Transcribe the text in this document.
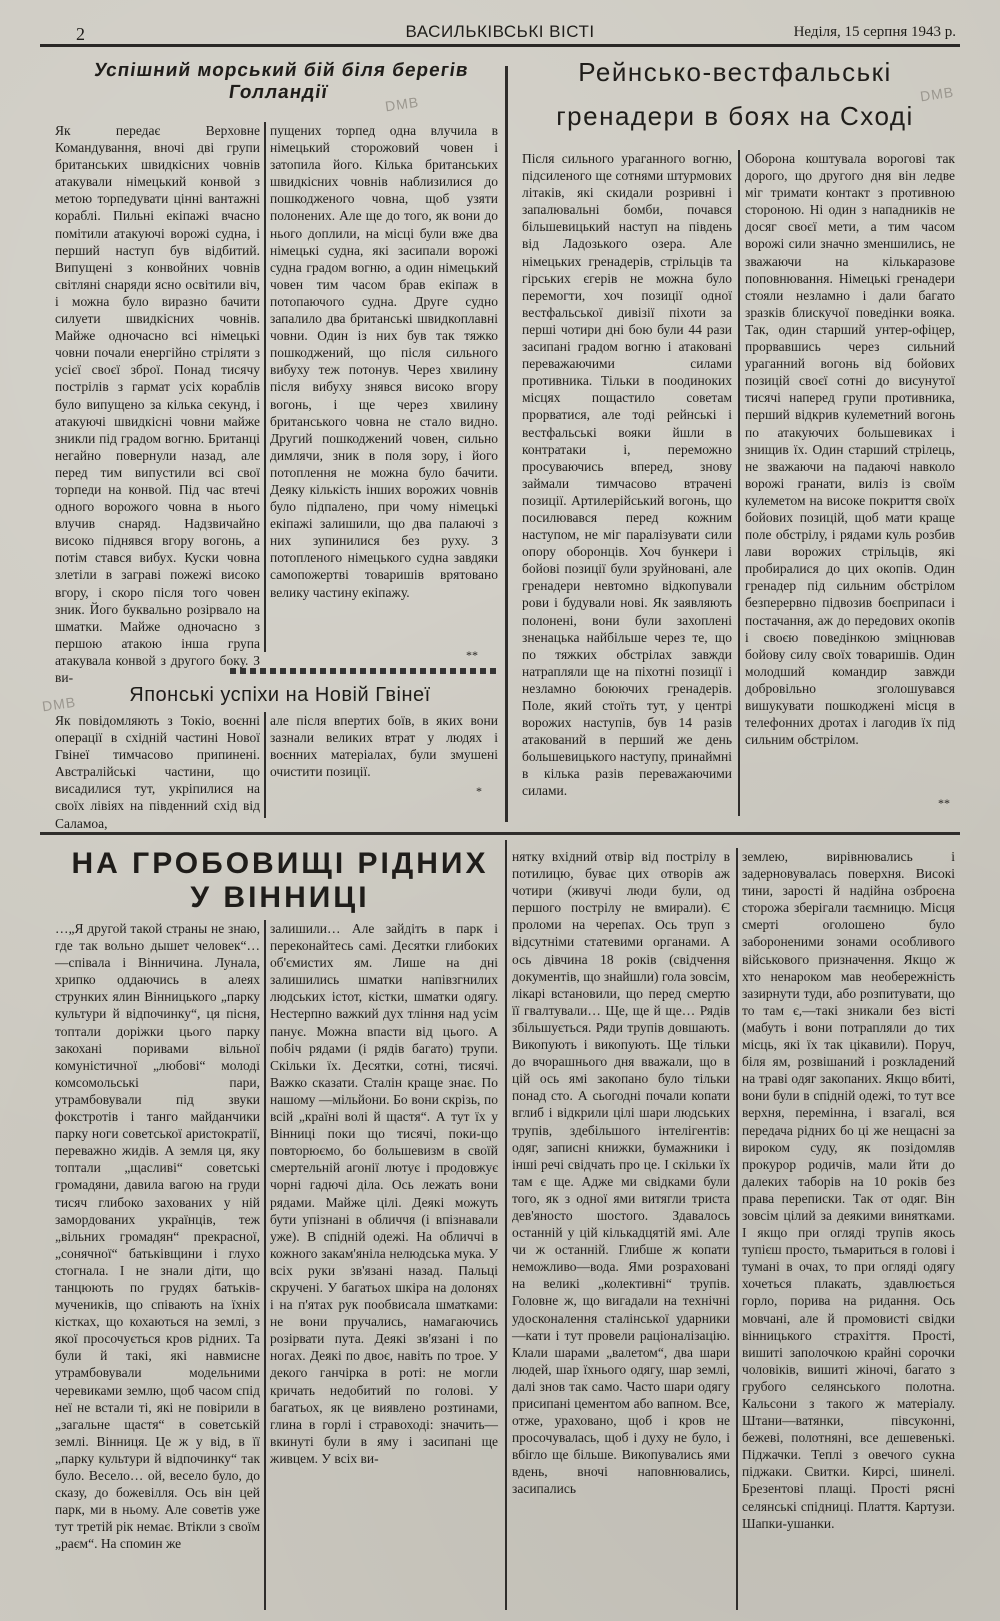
2	ВАСИЛЬКІВСЬКІ ВІСТІ	Неділя, 15 серпня 1943 р.
DMB	DMB
DMB
Успішний морський бій біля берегів Голландії

Як передає Верховне Командування, вночі дві групи британських швидкісних човнів атакували німецький конвой з метою торпедувати цінні вантажні кораблі. Пильні екіпажі вчасно помітили атакуючі ворожі судна, і перший наступ був відбитий. Випущені з конвойних човнів світляні снаряди ясно освітили віч, і можна було виразно бачити силуети швидкісних човнів. Майже одночасно всі німецькі човни почали енергійно стріляти з усієї своєї зброї. Понад тисячу пострілів з гармат усіх кораблів було випущено за кілька секунд, і атакуючі швидкісні човни майже зникли під градом вогню. Британці негайно повернули назад, але перед тим випустили всі свої торпеди на конвой. Під час втечі одного ворожого човна в нього влучив снаряд. Надзвичайно високо піднявся вгору вогонь, а потім стався вибух. Куски човна злетіли в заграві пожежі високо вгору, і скоро після того човен зник. Його буквально розірвало на шматки. Майже одночасно з першою атакою інша група атакувала конвой з другого боку. З ви-

пущених торпед одна влучила в німецький сторожовий човен і затопила його. Кілька британських швидкісних човнів наблизилися до пошкодженого човна, щоб узяти полонених. Але ще до того, як вони до нього доплили, на місці були вже два німецькі судна, які засипали ворожі судна градом вогню, а один німецький човен тим часом брав екіпаж в потопаючого судна. Друге судно запалило два британські швидкоплавні човни. Один із них був так тяжко пошкоджений, що після сильного вибуху теж потонув. Через хвилину після вибуху знявся високо вгору вогонь, і ще через хвилину британського човна не стало видно. Другий пошкоджений човен, сильно димлячи, зник в поля зору, і його потоплення не можна було бачити. Деяку кількість інших ворожих човнів було підпалено, при чому німецькі екіпажі залишили, що два палаючі з них зупинилися без руху. З потопленого німецького судна завдяки самопожертві товаришів врятовано велику частину екіпажу.

**
Японські успіхи на Новій Гвінеї

Як повідомляють з Токіо, воєнні операції в східній частині Нової Гвінеї тимчасово припинені. Австралійські частини, що висадилися тут, укріпилися на своїх лівіях на південний схід від Саламоа,

але після впертих боїв, в яких вони зазнали великих втрат у людях і воєнних матеріалах, були змушені очистити позиції.

*
Рейнсько-вестфальські
гренадери в боях на Сході

Після сильного ураганного вогню, підсиленого ще сотнями штурмових літаків, які скидали розривні і запалювальні бомби, почався більшевицький наступ на південь від Ладозького озера. Але німецьких гренадерів, стрільців та гірських єгерів не можна було перемогти, хоч позиції одної вестфальської дивізії піхоти за перші чотири дні бою були 44 рази засипані градом вогню і атаковані переважаючими силами противника. Тільки в поодиноких місцях пощастило советам прорватися, але тоді рейнські і вестфальські вояки йшли в контратаки і, переможно просуваючись вперед, знову займали тимчасово втрачені позиції. Артилерійський вогонь, що посилювався перед кожним наступом, не міг паралізувати сили опору оборонців. Хоч бункери і бойові позиції були зруйновані, але гренадери невтомно відкопували рови і будували нові. Як заявляють полонені, вони були захоплені зненацька найбільше через те, що по тяжких обстрілах завжди натрапляли ще на піхотні позиції і незламно боюючих гренадерів. Поле, який стоїть тут, у центрі ворожих наступів, був 14 разів атакований в перший же день большевицького наступу, принаймні в кілька разів переважаючими силами.

Оборона коштувала ворогові так дорого, що другого дня він ледве міг тримати контакт з противною стороною. Ні один з нападників не досяг своєї мети, а тим часом ворожі сили значно зменшились, не зважаючи на кількаразове поповнювання. Німецькі гренадери стояли незламно і дали багато зразків блискучої поведінки вояка. Так, один старший унтер-офіцер, прорвавшись через сильний ураганний вогонь від бойових позицій своєї сотні до висунутої тисячі наперед групи противника, перший відкрив кулеметний вогонь по атакуючих большевиках і знищив їх. Один старший стрілець, не зважаючи на падаючі навколо ворожі гранати, виліз із своїм кулеметом на високе покриття своїх бойових позицій, щоб мати краще поле обстрілу, і рядами куль розбив лави ворожих стрільців, які пробиралися до цих окопів. Один гренадер під сильним обстрілом безперервно підвозив боєприпаси і постачання, аж до передових окопів і своєю поведінкою зміцнював бойову силу своїх товаришів. Один молодший командир завжди добровільно зголошувався вишукувати пошкоджені місця в телефонних дротах і лагодив їх під сильним обстрілом.

**
НА ГРОБОВИЩІ РІДНИХ
У ВІННИЦІ

…„Я другой такой страны не знаю, где так вольно дышет человек“…—співала і Вінничина. Лунала, хрипко оддаючись в алеях струнких ялин Вінницького „парку культури й відпочинку“, ця пісня, топтали доріжки цього парку закохані поривами вільної комуністичної „любові“ молоді комсомольські пари, утрамбовували під звуки фокстротів і танго майданчики парку ноги советської аристократії, переважно жидів. А земля ця, яку топтали „щасливі“ советські громадяни, давила вагою на груди тисяч глибоко захованих у ній замордованих українців, теж „вільних громадян“ прекрасної, „сонячної“ батьківщини і глухо стогнала. І не знали діти, що танцюють по грудях батьків-мучеників, що співають на їхніх кістках, що кохаються на землі, з якої просочується кров рідних. Та були й такі, які навмисне утрамбовували модельними черевиками землю, щоб часом спід неї не встали ті, які не повірили в „загальне щастя“ в советській землі. Вінниця. Це ж у від, в її „парку культури й відпочинку“ так було. Весело… ой, весело було, до сказу, до божевілля. Ось він цей парк, ми в ньому. Але советів уже тут третій рік немає. Втікли з своїм „раєм“. На спомин же

залишили… Але зайдіть в парк і переконайтесь самі. Десятки глибоких об'ємистих ям. Лише на дні залишились шматки напівзгнилих людських істот, кістки, шматки одягу. Нестерпно важкий дух тління над усім панує. Можна впасти від цього. А побіч рядами (і рядів багато) трупи. Скільки їх. Десятки, сотні, тисячі. Важко сказати. Сталін краще знає. По нашому —мільйони. Бо вони скрізь, по всій „країні волі й щастя“. А тут їх у Вінниці поки що тисячі, поки-що повторюємо, бо большевизм в своїй смертельній агонії лютує і продовжує чорні гадючі діла. Ось лежать вони рядами. Майже цілі. Деякі можуть бути упізнані в обличчя (і впізнавали уже). В спідній одежі. На обличчі в кожного закам'яніла нелюдська мука. У всіх руки зв'язані назад. Пальці скручені. У багатьох шкіра на долонях і на п'ятах рук пообвисала шматками: не вони пручались, намагаючись розірвати пута. Деякі зв'язані і по ногах. Деякі по двоє, навіть по трое. У декого ганчірка в роті: не могли кричать недобитий по голові. У багатьох, як це виявлено розтинами, глина в горлі і стравоході: значить—вкинуті були в яму і засипані ще живцем. У всіх ви-

нятку вхідний отвір від пострілу в потилицю, буває цих отворів аж чотири (живучі люди були, од першого пострілу не вмирали). Є проломи на черепах. Ось труп з відсутніми статевими органами. А ось дівчина 18 років (свідчення документів, що знайшли) гола зовсім, лікарі встановили, що перед смертю її гвалтували… Ще, ще й ще… Рядів збільшується. Ряди трупів довшають. Викопують і викопують. Ще тільки до вчорашнього дня вважали, що в цій ось ямі закопано було тільки понад сто. А сьогодні почали копати вглиб і відкрили цілі шари людських трупів, здебільшого інтелігентів: одяг, записні книжки, бумажники і інші речі свідчать про це. І скільки їх там є ще. Адже ми свідками були того, як з одної ями витягли триста дев'яносто шостого. Здавалось останній у цій кількадцятій ямі. Але чи ж останній. Глибше ж копати неможливо—вода. Ями розраховані на великі „колективні“ трупів. Головне ж, що вигадали на технічні удосконалення сталінської ударники—кати і тут провели раціоналізацію. Клали шарами „валетом“, два шари людей, шар їхнього одягу, шар землі, далі знов так само. Часто шари одягу присипані цементом або вапном. Все, отже, ураховано, щоб і кров не просочувалась, щоб і духу не було, і вбігло ще більше. Викопувались ями вдень, вночі наповнювались, засипались

землею, вирівнювались і задерновувалась поверхня. Високі тини, зарості й надійна озброєна сторожа зберігали таємницю. Місця смерті оголошено було забороненими зонами особливого військового призначення. Якщо ж хто ненароком мав необережність зазирнути туди, або розпитувати, що то там є,—такі зникали без вісті (мабуть і вони потрапляли до тих місць, які їх так цікавили). Поруч, біля ям, розвішаний і розкладений на траві одяг закопаних. Якщо вбиті, вони були в спідній одежі, то тут все верхня, перемінна, і взагалі, вся передача рідних бо ці же нещасні за вироком суду, як позідомляв прокурор родичів, мали йти до далеких таборів на 10 років без права переписки. Так от одяг. Він зовсім цілий за деякими винятками. І якщо при огляді трупів якось тупієш просто, тьмариться в голові і тумані в очах, то при огляді одягу хочеться плакать, здавлюється горло, порива на ридання. Ось мовчані, але й промовисті свідки вінницького страхіття. Прості, вишиті заполочкою крайні сорочки чоловіків, вишиті жіночі, багато з грубого селянського полотна. Кальсони з такого ж матеріалу. Штани—ватянки, півсуконні, бежеві, полотняні, все дешевенькі. Піджачки. Теплі з овечого сукна піджаки. Свитки. Кирсі, шинелі. Брезентові плащі. Прості рясні селянські спідниці. Плаття. Картузи. Шапки-ушанки.
